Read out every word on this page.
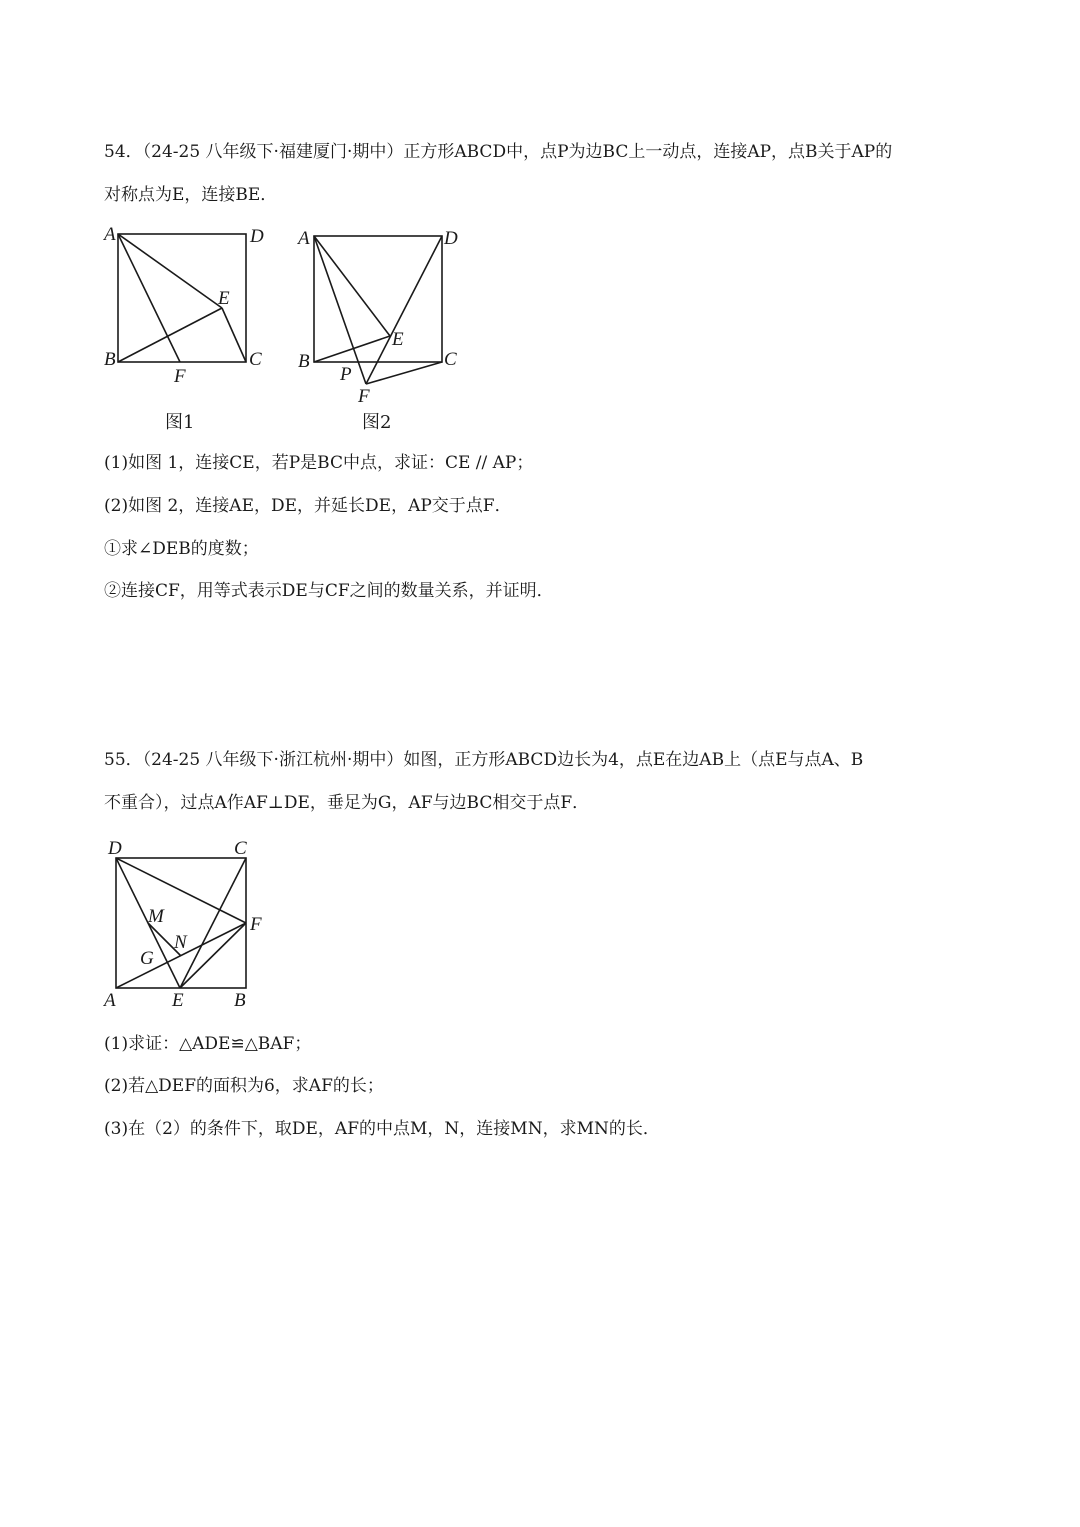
54．（24-25 八年级下·福建厦门·期中）正方形ABCD中，点P为边BC上一动点，连接AP，点B关于AP的
对称点为E，连接BE．
A	D
E
B	C
F
图1
A	D
E
B	C
P
F
图2
(1)如图 1，连接CE，若P是BC中点，求证：CE // AP；
(2)如图 2，连接AE，DE，并延长DE，AP交于点F．
①求∠DEB的度数；
②连接CF，用等式表示DE与CF之间的数量关系，并证明．
55．（24-25 八年级下·浙江杭州·期中）如图，正方形ABCD边长为4，点E在边AB上（点E与点A、B
不重合），过点A作AF⊥DE，垂足为G，AF与边BC相交于点F．
D	C
M	F
N
G
A	E	B
(1)求证：△ADE≌△BAF；
(2)若△DEF的面积为6，求AF的长；
(3)在（2）的条件下，取DE，AF的中点M，N，连接MN，求MN的长．
